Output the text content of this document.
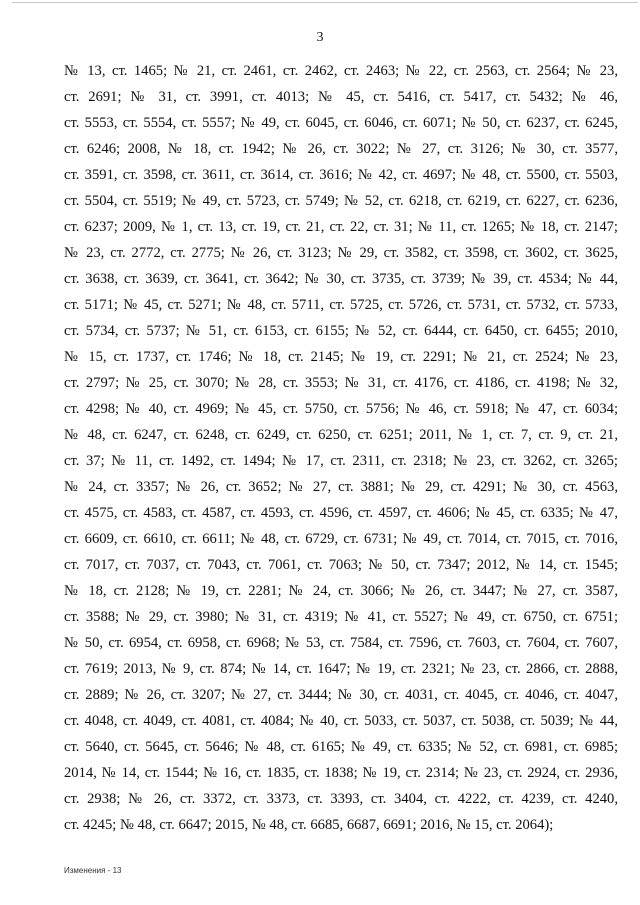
3
№ 13, ст. 1465; № 21, ст. 2461, ст. 2462, ст. 2463; № 22, ст. 2563, ст. 2564; № 23,
ст. 2691; № 31, ст. 3991, ст. 4013; № 45, ст. 5416, ст. 5417, ст. 5432; № 46,
ст. 5553, ст. 5554, ст. 5557; № 49, ст. 6045, ст. 6046, ст. 6071; № 50, ст. 6237, ст. 6245,
ст. 6246; 2008, № 18, ст. 1942; № 26, ст. 3022; № 27, ст. 3126; № 30, ст. 3577,
ст. 3591, ст. 3598, ст. 3611, ст. 3614, ст. 3616; № 42, ст. 4697; № 48, ст. 5500, ст. 5503,
ст. 5504, ст. 5519; № 49, ст. 5723, ст. 5749; № 52, ст. 6218, ст. 6219, ст. 6227, ст. 6236,
ст. 6237; 2009, № 1, ст. 13, ст. 19, ст. 21, ст. 22, ст. 31; № 11, ст. 1265; № 18, ст. 2147;
№ 23, ст. 2772, ст. 2775; № 26, ст. 3123; № 29, ст. 3582, ст. 3598, ст. 3602, ст. 3625,
ст. 3638, ст. 3639, ст. 3641, ст. 3642; № 30, ст. 3735, ст. 3739; № 39, ст. 4534; № 44,
ст. 5171; № 45, ст. 5271; № 48, ст. 5711, ст. 5725, ст. 5726, ст. 5731, ст. 5732, ст. 5733,
ст. 5734, ст. 5737; № 51, ст. 6153, ст. 6155; № 52, ст. 6444, ст. 6450, ст. 6455; 2010,
№ 15, ст. 1737, ст. 1746; № 18, ст. 2145; № 19, ст. 2291; № 21, ст. 2524; № 23,
ст. 2797; № 25, ст. 3070; № 28, ст. 3553; № 31, ст. 4176, ст. 4186, ст. 4198; № 32,
ст. 4298; № 40, ст. 4969; № 45, ст. 5750, ст. 5756; № 46, ст. 5918; № 47, ст. 6034;
№ 48, ст. 6247, ст. 6248, ст. 6249, ст. 6250, ст. 6251; 2011, № 1, ст. 7, ст. 9, ст. 21,
ст. 37; № 11, ст. 1492, ст. 1494; № 17, ст. 2311, ст. 2318; № 23, ст. 3262, ст. 3265;
№ 24, ст. 3357; № 26, ст. 3652; № 27, ст. 3881; № 29, ст. 4291; № 30, ст. 4563,
ст. 4575, ст. 4583, ст. 4587, ст. 4593, ст. 4596, ст. 4597, ст. 4606; № 45, ст. 6335; № 47,
ст. 6609, ст. 6610, ст. 6611; № 48, ст. 6729, ст. 6731; № 49, ст. 7014, ст. 7015, ст. 7016,
ст. 7017, ст. 7037, ст. 7043, ст. 7061, ст. 7063; № 50, ст. 7347; 2012, № 14, ст. 1545;
№ 18, ст. 2128; № 19, ст. 2281; № 24, ст. 3066; № 26, ст. 3447; № 27, ст. 3587,
ст. 3588; № 29, ст. 3980; № 31, ст. 4319; № 41, ст. 5527; № 49, ст. 6750, ст. 6751;
№ 50, ст. 6954, ст. 6958, ст. 6968; № 53, ст. 7584, ст. 7596, ст. 7603, ст. 7604, ст. 7607,
ст. 7619; 2013, № 9, ст. 874; № 14, ст. 1647; № 19, ст. 2321; № 23, ст. 2866, ст. 2888,
ст. 2889; № 26, ст. 3207; № 27, ст. 3444; № 30, ст. 4031, ст. 4045, ст. 4046, ст. 4047,
ст. 4048, ст. 4049, ст. 4081, ст. 4084; № 40, ст. 5033, ст. 5037, ст. 5038, ст. 5039; № 44,
ст. 5640, ст. 5645, ст. 5646; № 48, ст. 6165; № 49, ст. 6335; № 52, ст. 6981, ст. 6985;
2014, № 14, ст. 1544; № 16, ст. 1835, ст. 1838; № 19, ст. 2314; № 23, ст. 2924, ст. 2936,
ст. 2938; № 26, ст. 3372, ст. 3373, ст. 3393, ст. 3404, ст. 4222, ст. 4239, ст. 4240,
ст. 4245; № 48, ст. 6647; 2015, № 48, ст. 6685, 6687, 6691; 2016, № 15, ст. 2064);
Изменения - 13
